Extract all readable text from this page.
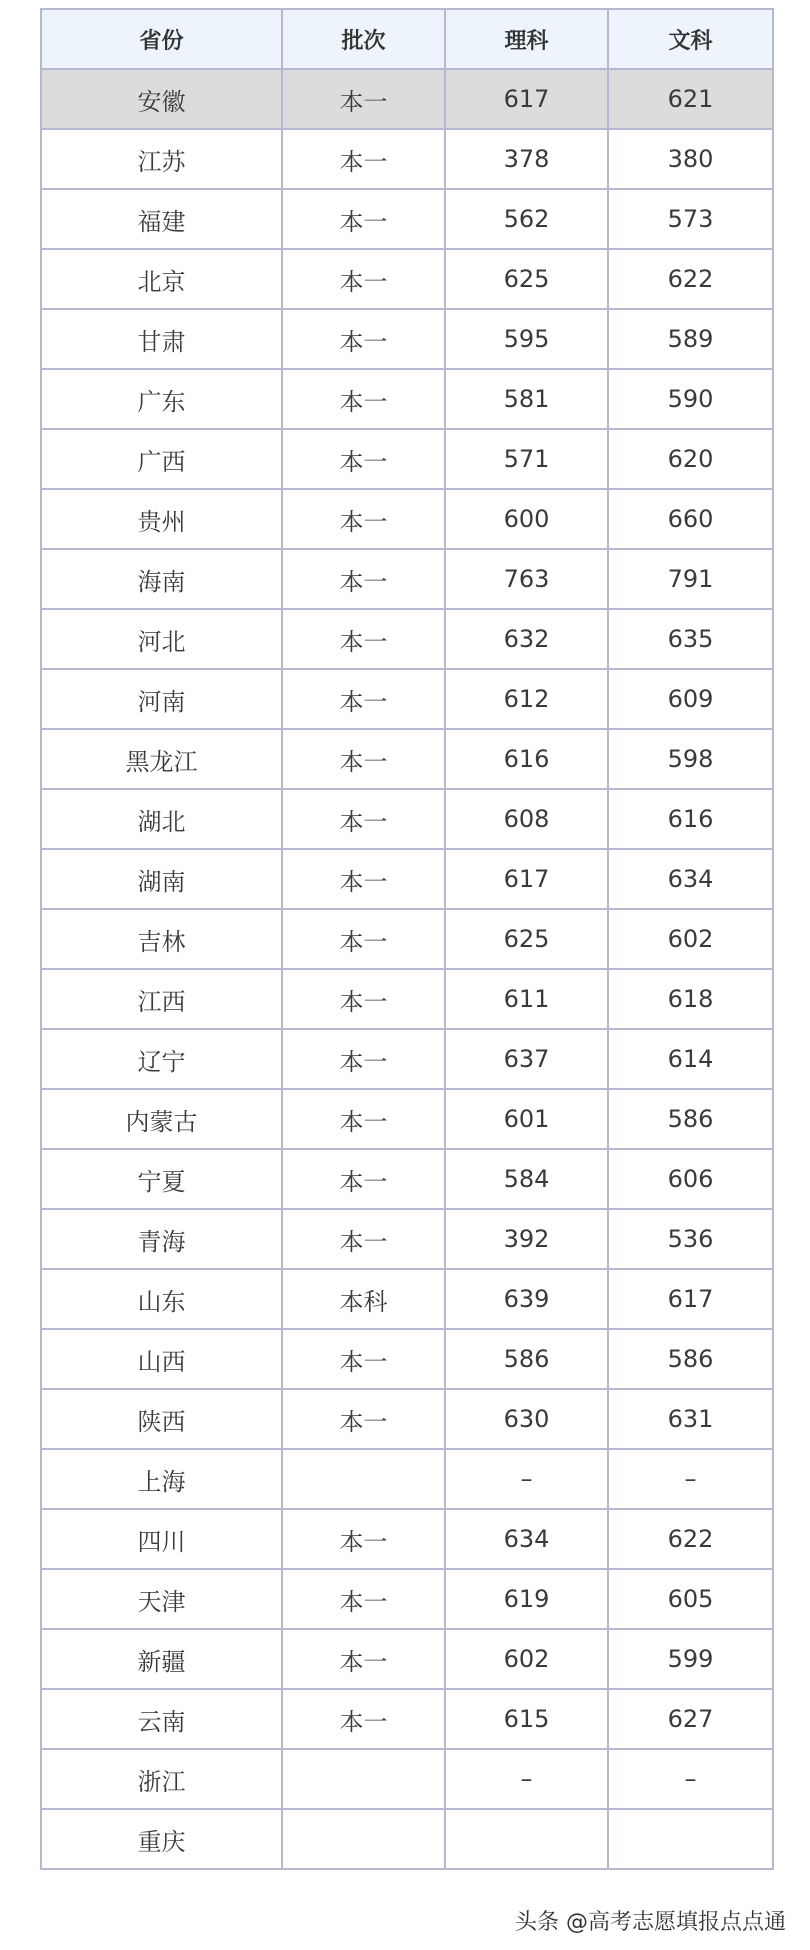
省份	批次	理科	文科
安徽	本一	617	621
江苏	本一	378	380
福建	本一	562	573
北京	本一	625	622
甘肃	本一	595	589
广东	本一	581	590
广西	本一	571	620
贵州	本一	600	660
海南	本一	763	791
河北	本一	632	635
河南	本一	612	609
黑龙江	本一	616	598
湖北	本一	608	616
湖南	本一	617	634
吉林	本一	625	602
江西	本一	611	618
辽宁	本一	637	614
内蒙古	本一	601	586
宁夏	本一	584	606
青海	本一	392	536
山东	本科	639	617
山西	本一	586	586
陕西	本一	630	631
上海		–	–
四川	本一	634	622
天津	本一	619	605
新疆	本一	602	599
云南	本一	615	627
浙江		–	–
重庆			
头条 @高考志愿填报点点通
